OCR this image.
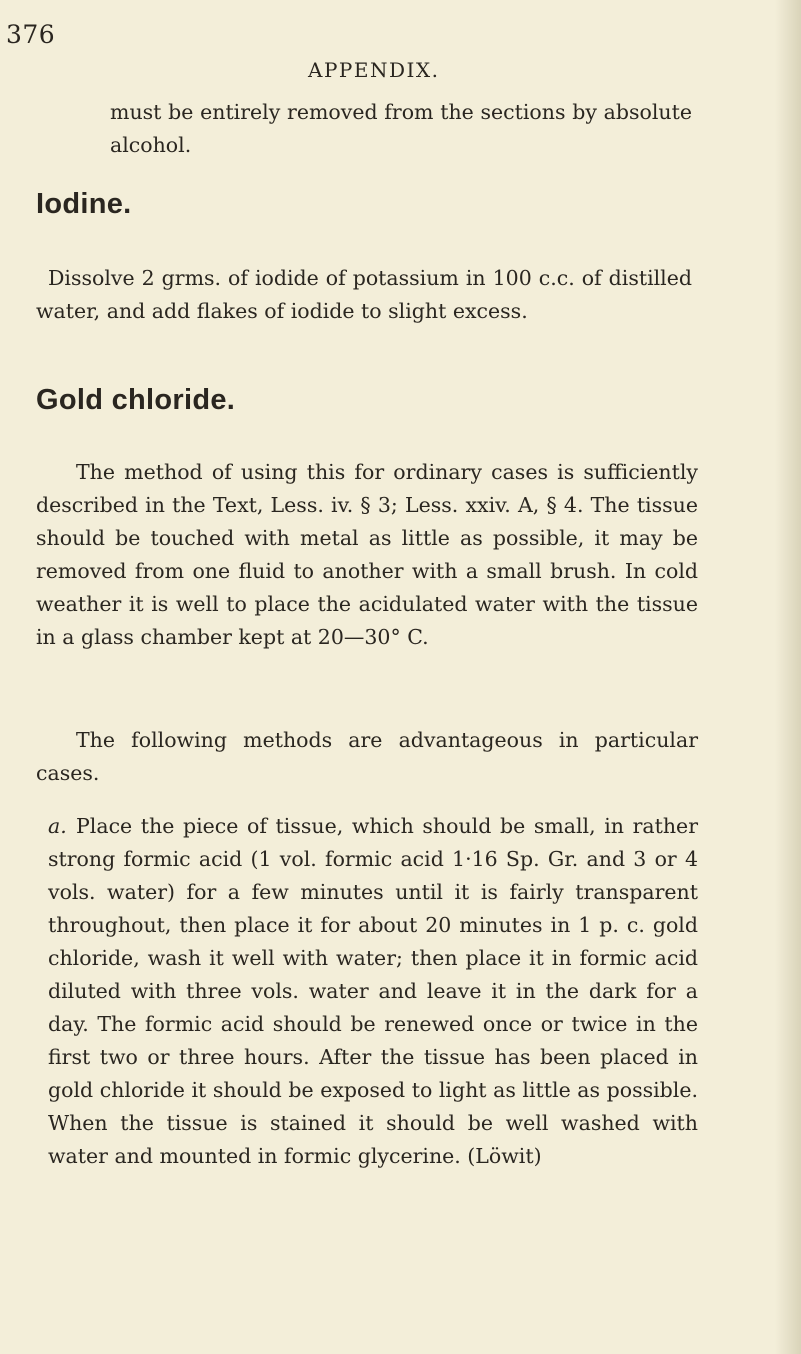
376
APPENDIX.

must be entirely removed from the sections by absolute alcohol.

Iodine.

Dissolve 2 grms. of iodide of potassium in 100 c.c. of distilled water, and add flakes of iodide to slight excess.

Gold chloride.

The method of using this for ordinary cases is sufficiently described in the Text, Less. iv. § 3; Less. xxiv. A, § 4. The tissue should be touched with metal as little as possible, it may be removed from one fluid to another with a small brush. In cold weather it is well to place the acidulated water with the tissue in a glass chamber kept at 20—30° C.

The following methods are advantageous in particular cases.

a. Place the piece of tissue, which should be small, in rather strong formic acid (1 vol. formic acid 1·16 Sp. Gr. and 3 or 4 vols. water) for a few minutes until it is fairly transparent throughout, then place it for about 20 minutes in 1 p. c. gold chloride, wash it well with water; then place it in formic acid diluted with three vols. water and leave it in the dark for a day. The formic acid should be renewed once or twice in the first two or three hours. After the tissue has been placed in gold chloride it should be exposed to light as little as possible. When the tissue is stained it should be well washed with water and mounted in formic glycerine. (Löwit)
